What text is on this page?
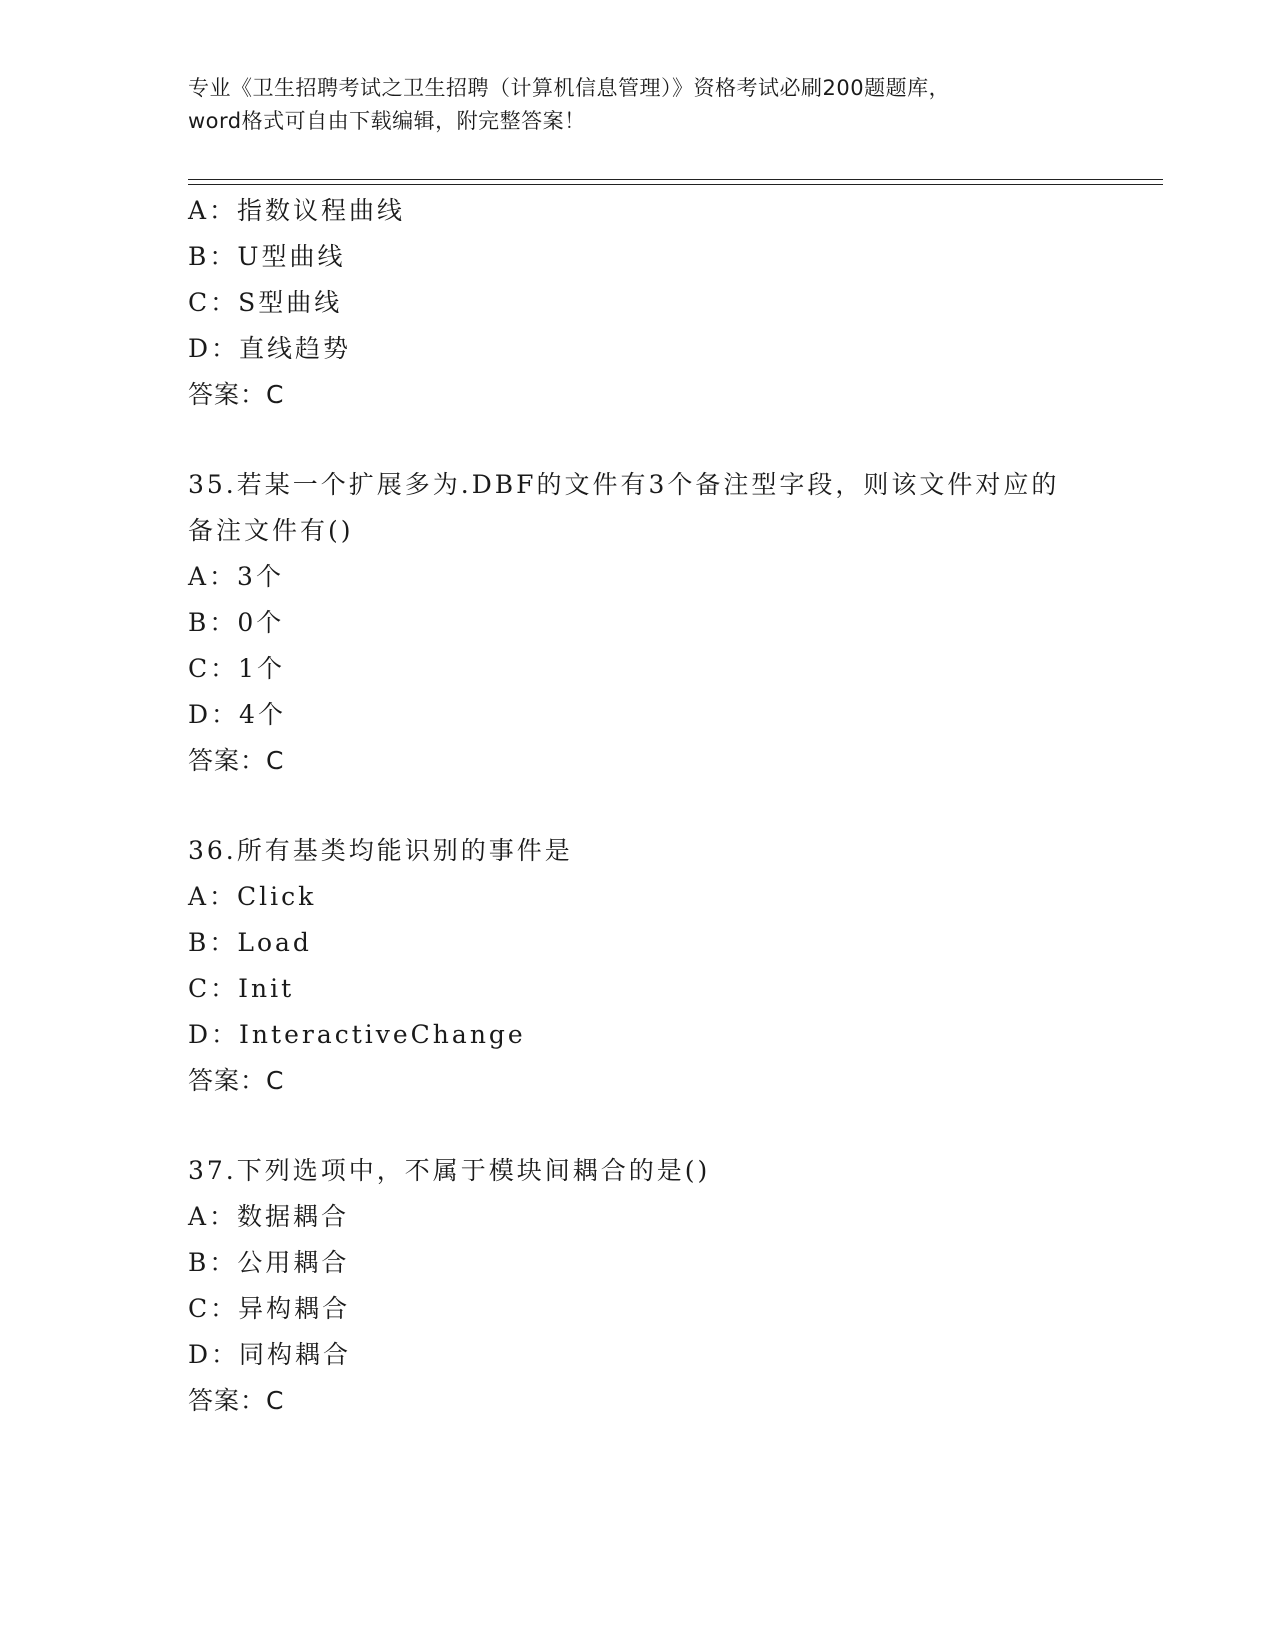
专业《卫生招聘考试之卫生招聘（计算机信息管理）》资格考试必刷200题题库，

word格式可自由下载编辑，附完整答案！

A：指数议程曲线
B：U型曲线
C：S型曲线
D：直线趋势
答案：C
35.若某一个扩展多为.DBF的文件有3个备注型字段，则该文件对应的
备注文件有()
A：3个
B：0个
C：1个
D：4个
答案：C
36.所有基类均能识别的事件是
A：Click
B：Load
C：Init
D：InteractiveChange
答案：C
37.下列选项中，不属于模块间耦合的是()
A：数据耦合
B：公用耦合
C：异构耦合
D：同构耦合
答案：C
